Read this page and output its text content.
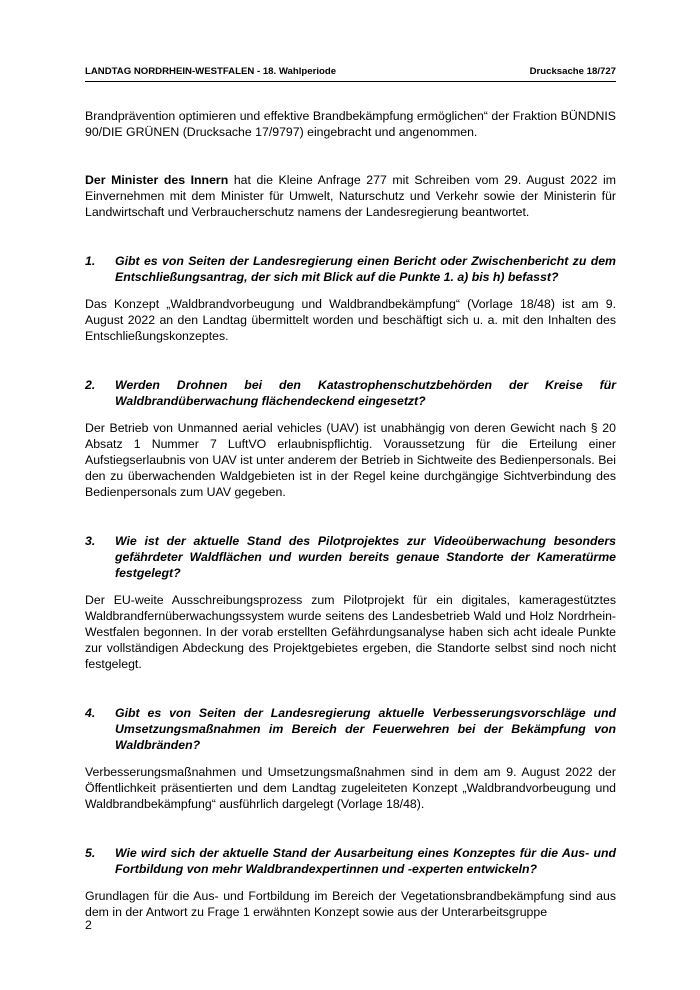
LANDTAG NORDRHEIN-WESTFALEN - 18. Wahlperiode	Drucksache 18/727

Brandprävention optimieren und effektive Brandbekämpfung ermöglichen“ der Fraktion BÜNDNIS 90/DIE GRÜNEN (Drucksache 17/9797) eingebracht und angenommen.

Der Minister des Innern hat die Kleine Anfrage 277 mit Schreiben vom 29. August 2022 im Einvernehmen mit dem Minister für Umwelt, Naturschutz und Verkehr sowie der Ministerin für Landwirtschaft und Verbraucherschutz namens der Landesregierung beantwortet.

1.	Gibt es von Seiten der Landesregierung einen Bericht oder Zwischenbericht zu dem Entschließungsantrag, der sich mit Blick auf die Punkte 1. a) bis h) befasst?

Das Konzept „Waldbrandvorbeugung und Waldbrandbekämpfung“ (Vorlage 18/48) ist am 9. August 2022 an den Landtag übermittelt worden und beschäftigt sich u. a. mit den Inhalten des Entschließungskonzeptes.

2.	Werden Drohnen bei den Katastrophenschutzbehörden der Kreise für Waldbrandüberwachung flächendeckend eingesetzt?

Der Betrieb von Unmanned aerial vehicles (UAV) ist unabhängig von deren Gewicht nach § 20 Absatz 1 Nummer 7 LuftVO erlaubnispflichtig. Voraussetzung für die Erteilung einer Aufstiegserlaubnis von UAV ist unter anderem der Betrieb in Sichtweite des Bedienpersonals. Bei den zu überwachenden Waldgebieten ist in der Regel keine durchgängige Sichtverbindung des Bedienpersonals zum UAV gegeben.

3.	Wie ist der aktuelle Stand des Pilotprojektes zur Videoüberwachung besonders gefährdeter Waldflächen und wurden bereits genaue Standorte der Kameratürme festgelegt?

Der EU-weite Ausschreibungsprozess zum Pilotprojekt für ein digitales, kameragestütztes Waldbrandfernüberwachungssystem wurde seitens des Landesbetrieb Wald und Holz Nordrhein-Westfalen begonnen. In der vorab erstellten Gefährdungsanalyse haben sich acht ideale Punkte zur vollständigen Abdeckung des Projektgebietes ergeben, die Standorte selbst sind noch nicht festgelegt.

4.	Gibt es von Seiten der Landesregierung aktuelle Verbesserungsvorschläge und Umsetzungsmaßnahmen im Bereich der Feuerwehren bei der Bekämpfung von Waldbränden?

Verbesserungsmaßnahmen und Umsetzungsmaßnahmen sind in dem am 9. August 2022 der Öffentlichkeit präsentierten und dem Landtag zugeleiteten Konzept „Waldbrandvorbeugung und Waldbrandbekämpfung“ ausführlich dargelegt (Vorlage 18/48).

5.	Wie wird sich der aktuelle Stand der Ausarbeitung eines Konzeptes für die Aus- und Fortbildung von mehr Waldbrandexpertinnen und -experten entwickeln?

Grundlagen für die Aus- und Fortbildung im Bereich der Vegetationsbrandbekämpfung sind aus dem in der Antwort zu Frage 1 erwähnten Konzept sowie aus der Unterarbeitsgruppe

2
